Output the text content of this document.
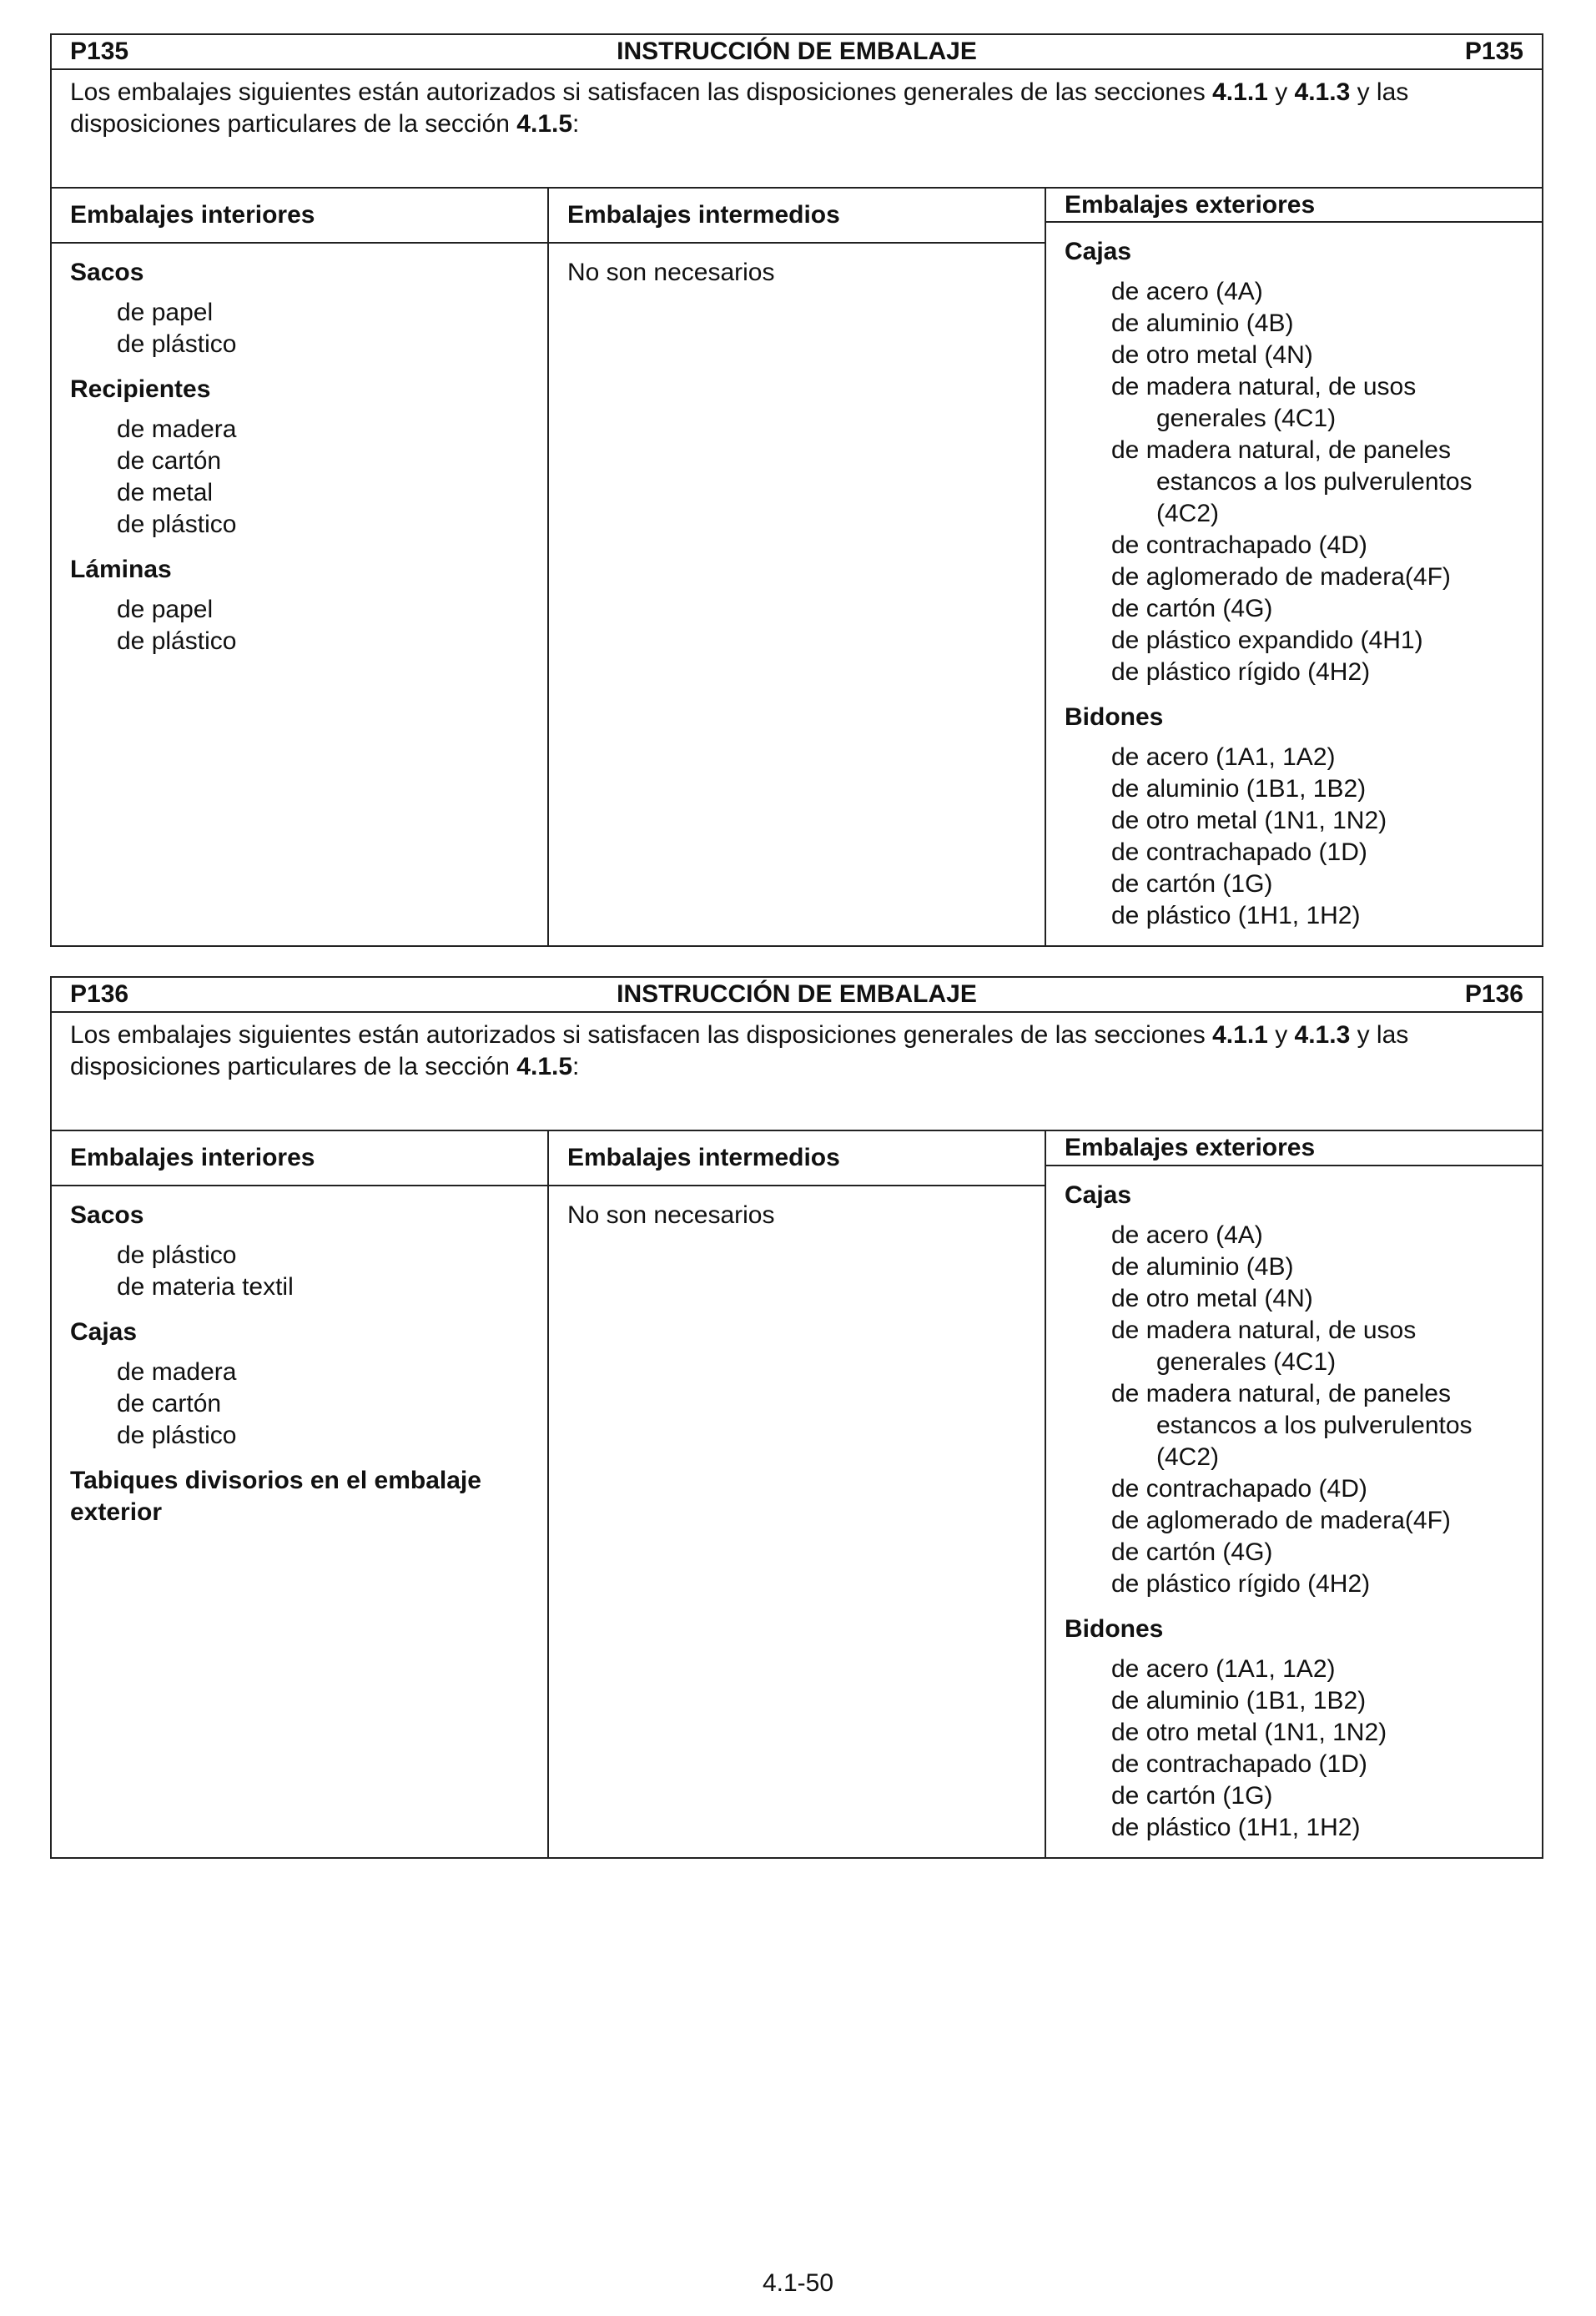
P135	INSTRUCCIÓN DE EMBALAJE	P135

Los embalajes siguientes están autorizados si satisfacen las disposiciones generales de las secciones 4.1.1 y 4.1.3 y las disposiciones particulares de la sección 4.1.5:

Embalajes interiores
Sacos
de papel
de plástico
Recipientes
de madera
de cartón
de metal
de plástico
Láminas
de papel
de plástico
Embalajes intermedios
No son necesarios
Embalajes exteriores
Cajas
de acero (4A)
de aluminio (4B)
de otro metal (4N)
de madera natural, de usos
generales (4C1)
de madera natural, de paneles
estancos a los pulverulentos
(4C2)
de contrachapado (4D)
de aglomerado de madera(4F)
de cartón (4G)
de plástico expandido (4H1)
de plástico rígido (4H2)
Bidones
de acero (1A1, 1A2)
de aluminio (1B1, 1B2)
de otro metal (1N1, 1N2)
de contrachapado (1D)
de cartón (1G)
de plástico (1H1, 1H2)
P136	INSTRUCCIÓN DE EMBALAJE	P136

Los embalajes siguientes están autorizados si satisfacen las disposiciones generales de las secciones 4.1.1 y 4.1.3 y las disposiciones particulares de la sección 4.1.5:

Embalajes interiores
Sacos
de plástico
de materia textil
Cajas
de madera
de cartón
de plástico
Tabiques divisorios en el embalaje exterior
Embalajes intermedios
No son necesarios
Embalajes exteriores
Cajas
de acero (4A)
de aluminio (4B)
de otro metal (4N)
de madera natural, de usos
generales (4C1)
de madera natural, de paneles
estancos a los pulverulentos
(4C2)
de contrachapado (4D)
de aglomerado de madera(4F)
de cartón (4G)
de plástico rígido (4H2)
Bidones
de acero (1A1, 1A2)
de aluminio (1B1, 1B2)
de otro metal (1N1, 1N2)
de contrachapado (1D)
de cartón (1G)
de plástico (1H1, 1H2)
4.1-50
